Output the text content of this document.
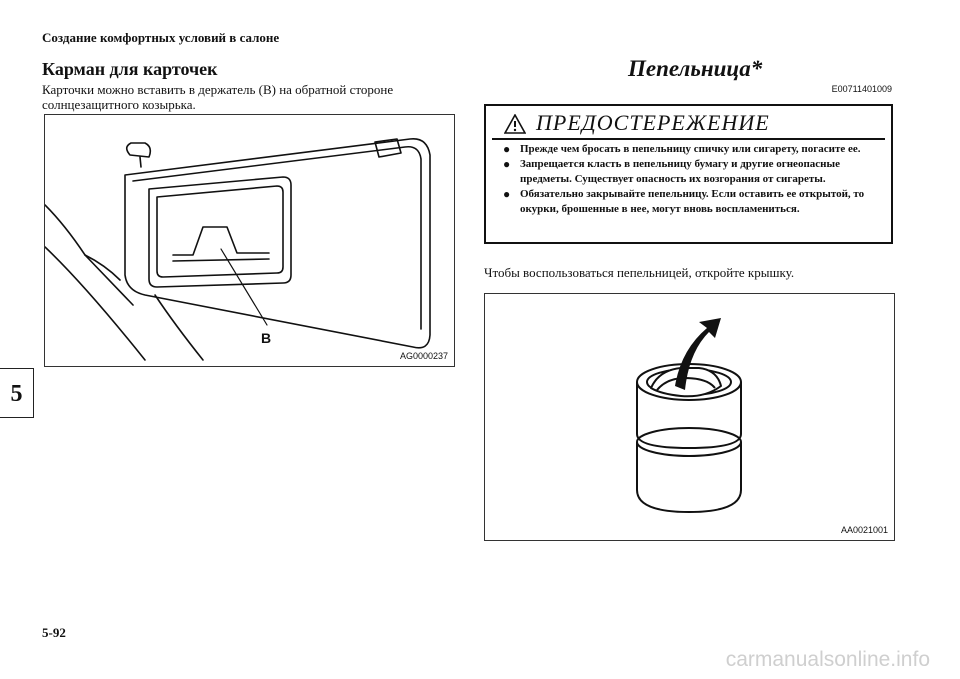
Создание комфортных условий в салоне
Карман для карточек
Карточки можно вставить в держатель (B) на обратной стороне солнцезащитного козырька.
B
AG0000237
Пепельница*
E00711401009
ПРЕДОСТЕРЕЖЕНИЕ
● Прежде чем бросать в пепельницу спичку или сигарету, погасите ее.
● Запрещается класть в пепельницу бумагу и другие огнеопасные предметы. Существует опасность их возгорания от сигареты.
● Обязательно закрывайте пепельницу. Если оставить ее открытой, то окурки, брошенные в нее, могут вновь воспламениться.
Чтобы воспользоваться пепельницей, откройте крышку.
AA0021001
5
5-92
carmanualsonline.info
